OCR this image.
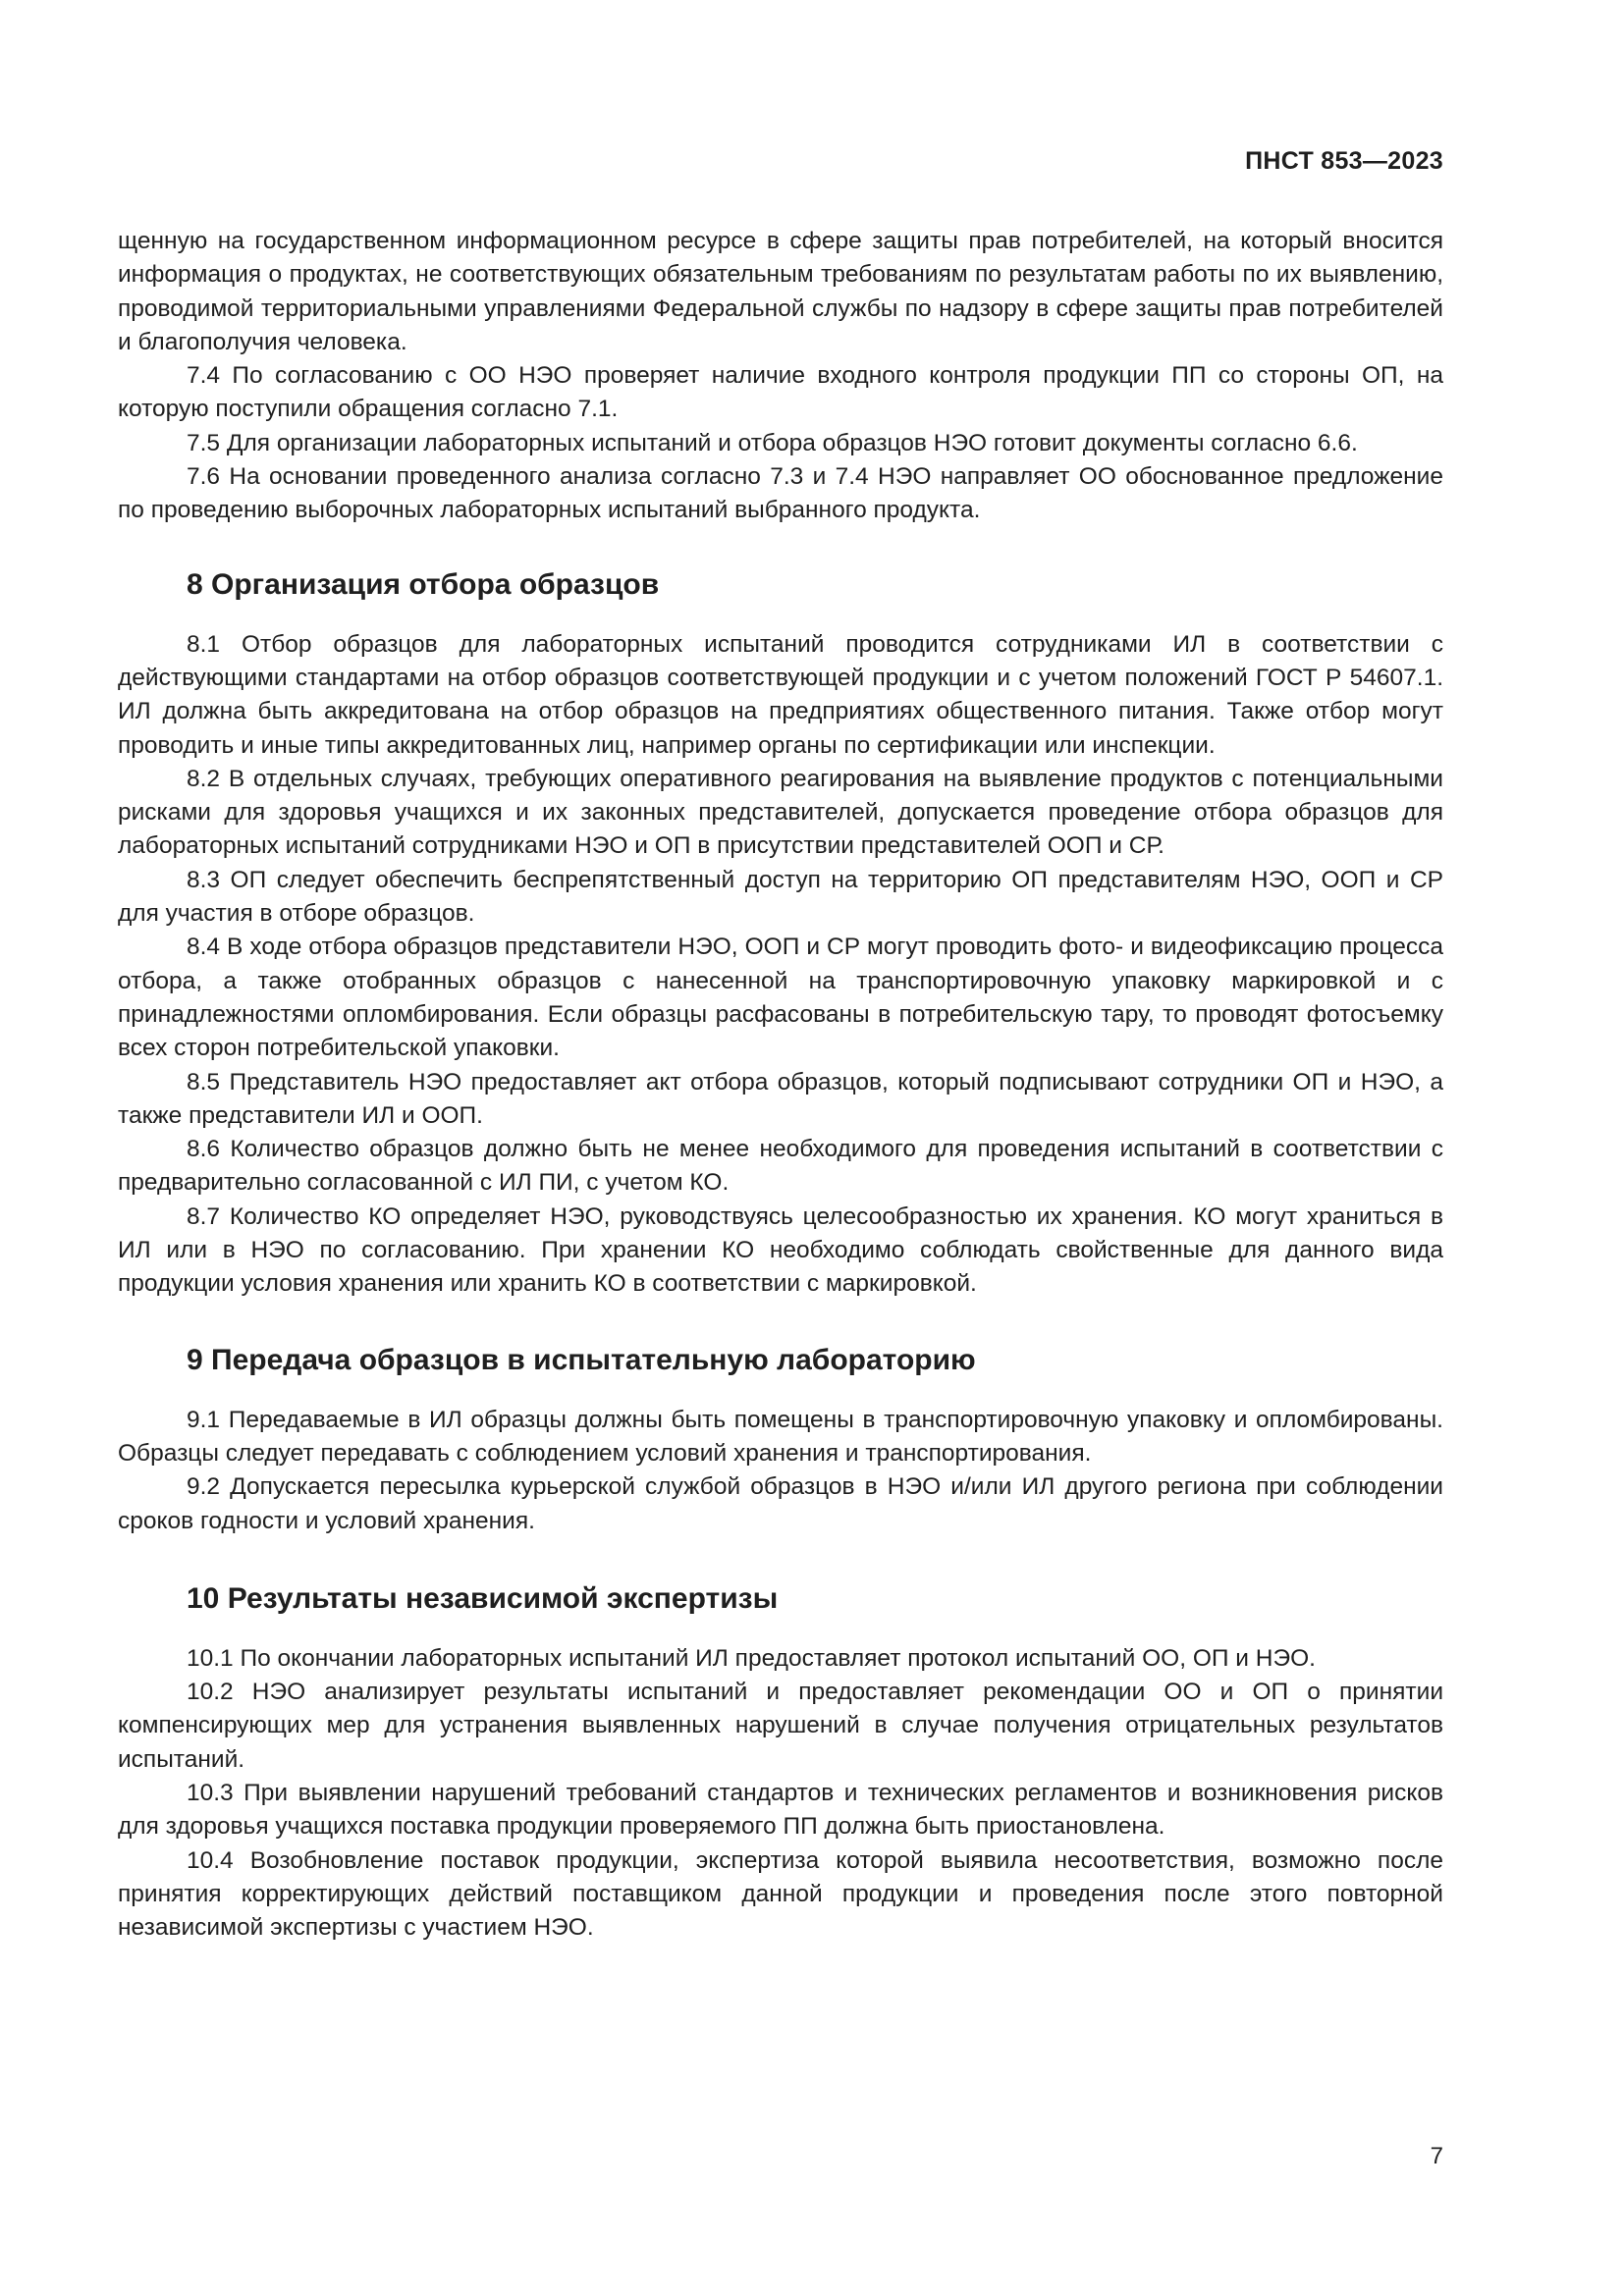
ПНСТ 853—2023

щенную на государственном информационном ресурсе в сфере защиты прав потребителей, на который вносится информация о продуктах, не соответствующих обязательным требованиям по результатам работы по их выявлению, проводимой территориальными управлениями Федеральной службы по надзору в сфере защиты прав потребителей и благополучия человека.

7.4 По согласованию с ОО НЭО проверяет наличие входного контроля продукции ПП со стороны ОП, на которую поступили обращения согласно 7.1.

7.5 Для организации лабораторных испытаний и отбора образцов НЭО готовит документы согласно 6.6.

7.6 На основании проведенного анализа согласно 7.3 и 7.4 НЭО направляет ОО обоснованное предложение по проведению выборочных лабораторных испытаний выбранного продукта.

8 Организация отбора образцов

8.1 Отбор образцов для лабораторных испытаний проводится сотрудниками ИЛ в соответствии с действующими стандартами на отбор образцов соответствующей продукции и с учетом положений ГОСТ Р 54607.1. ИЛ должна быть аккредитована на отбор образцов на предприятиях общественного питания. Также отбор могут проводить и иные типы аккредитованных лиц, например органы по сертификации или инспекции.

8.2 В отдельных случаях, требующих оперативного реагирования на выявление продуктов с потенциальными рисками для здоровья учащихся и их законных представителей, допускается проведение отбора образцов для лабораторных испытаний сотрудниками НЭО и ОП в присутствии представителей ООП и СР.

8.3 ОП следует обеспечить беспрепятственный доступ на территорию ОП представителям НЭО, ООП и СР для участия в отборе образцов.

8.4 В ходе отбора образцов представители НЭО, ООП и СР могут проводить фото- и видеофиксацию процесса отбора, а также отобранных образцов с нанесенной на транспортировочную упаковку маркировкой и с принадлежностями опломбирования. Если образцы расфасованы в потребительскую тару, то проводят фотосъемку всех сторон потребительской упаковки.

8.5 Представитель НЭО предоставляет акт отбора образцов, который подписывают сотрудники ОП и НЭО, а также представители ИЛ и ООП.

8.6 Количество образцов должно быть не менее необходимого для проведения испытаний в соответствии с предварительно согласованной с ИЛ ПИ, с учетом КО.

8.7 Количество КО определяет НЭО, руководствуясь целесообразностью их хранения. КО могут храниться в ИЛ или в НЭО по согласованию. При хранении КО необходимо соблюдать свойственные для данного вида продукции условия хранения или хранить КО в соответствии с маркировкой.

9 Передача образцов в испытательную лабораторию

9.1 Передаваемые в ИЛ образцы должны быть помещены в транспортировочную упаковку и опломбированы. Образцы следует передавать с соблюдением условий хранения и транспортирования.

9.2 Допускается пересылка курьерской службой образцов в НЭО и/или ИЛ другого региона при соблюдении сроков годности и условий хранения.

10 Результаты независимой экспертизы

10.1 По окончании лабораторных испытаний ИЛ предоставляет протокол испытаний ОО, ОП и НЭО.

10.2 НЭО анализирует результаты испытаний и предоставляет рекомендации ОО и ОП о принятии компенсирующих мер для устранения выявленных нарушений в случае получения отрицательных результатов испытаний.

10.3 При выявлении нарушений требований стандартов и технических регламентов и возникновения рисков для здоровья учащихся поставка продукции проверяемого ПП должна быть приостановлена.

10.4 Возобновление поставок продукции, экспертиза которой выявила несоответствия, возможно после принятия корректирующих действий поставщиком данной продукции и проведения после этого повторной независимой экспертизы с участием НЭО.

7
